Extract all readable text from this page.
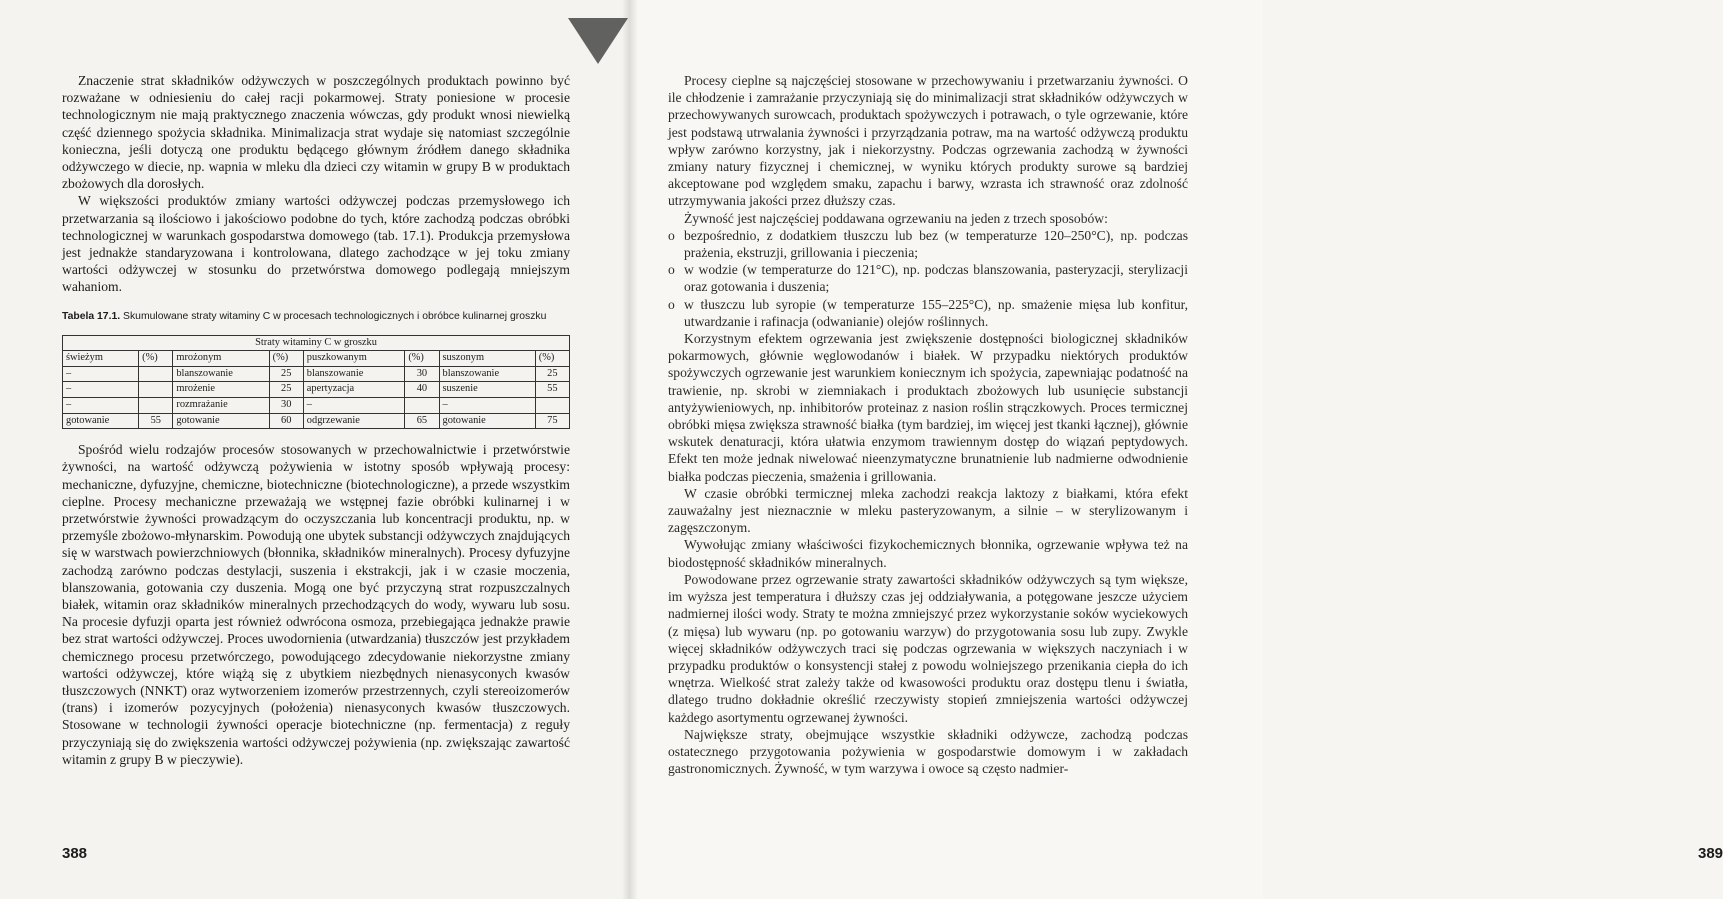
Znaczenie strat składników odżywczych w poszczególnych produktach powinno być rozważane w odniesieniu do całej racji pokarmowej. Straty poniesione w procesie technologicznym nie mają praktycznego znaczenia wówczas, gdy produkt wnosi niewielką część dziennego spożycia składnika. Minimalizacja strat wydaje się natomiast szczególnie konieczna, jeśli dotyczą one produktu będącego głównym źródłem danego składnika odżywczego w diecie, np. wapnia w mleku dla dzieci czy witamin w grupy B w produktach zbożowych dla dorosłych.

W większości produktów zmiany wartości odżywczej podczas przemysłowego ich przetwarzania są ilościowo i jakościowo podobne do tych, które zachodzą podczas obróbki technologicznej w warunkach gospodarstwa domowego (tab. 17.1). Produkcja przemysłowa jest jednakże standaryzowana i kontrolowana, dlatego zachodzące w jej toku zmiany wartości odżywczej w stosunku do przetwórstwa domowego podlegają mniejszym wahaniom.

Tabela 17.1. Skumulowane straty witaminy C w procesach technologicznych i obróbce kulinarnej groszku

Straty witaminy C w groszku							
świeżym	(%)	mrożonym	(%)	puszkowanym	(%)	suszonym	(%)
–		blanszowanie	25	blanszowanie	30	blanszowanie	25
–		mrożenie	25	apertyzacja	40	suszenie	55
–		rozmrażanie	30	–		–	
gotowanie	55	gotowanie	60	odgrzewanie	65	gotowanie	75

Spośród wielu rodzajów procesów stosowanych w przechowalnictwie i przetwórstwie żywności, na wartość odżywczą pożywienia w istotny sposób wpływają procesy: mechaniczne, dyfuzyjne, chemiczne, biotechniczne (biotechnologiczne), a przede wszystkim cieplne. Procesy mechaniczne przeważają we wstępnej fazie obróbki kulinarnej i w przetwórstwie żywności prowadzącym do oczyszczania lub koncentracji produktu, np. w przemyśle zbożowo-młynarskim. Powodują one ubytek substancji odżywczych znajdujących się w warstwach powierzchniowych (błonnika, składników mineralnych). Procesy dyfuzyjne zachodzą zarówno podczas destylacji, suszenia i ekstrakcji, jak i w czasie moczenia, blanszowania, gotowania czy duszenia. Mogą one być przyczyną strat rozpuszczalnych białek, witamin oraz składników mineralnych przechodzących do wody, wywaru lub sosu. Na procesie dyfuzji oparta jest również odwrócona osmoza, przebiegająca jednakże prawie bez strat wartości odżywczej. Proces uwodornienia (utwardzania) tłuszczów jest przykładem chemicznego procesu przetwórczego, powodującego zdecydowanie niekorzystne zmiany wartości odżywczej, które wiążą się z ubytkiem niezbędnych nienasyconych kwasów tłuszczowych (NNKT) oraz wytworzeniem izomerów przestrzennych, czyli stereoizomerów (trans) i izomerów pozycyjnych (położenia) nienasyconych kwasów tłuszczowych. Stosowane w technologii żywności operacje biotechniczne (np. fermentacja) z reguły przyczyniają się do zwiększenia wartości odżywczej pożywienia (np. zwiększając zawartość witamin z grupy B w pieczywie).

388

Procesy cieplne są najczęściej stosowane w przechowywaniu i przetwarzaniu żywności. O ile chłodzenie i zamrażanie przyczyniają się do minimalizacji strat składników odżywczych w przechowywanych surowcach, produktach spożywczych i potrawach, o tyle ogrzewanie, które jest podstawą utrwalania żywności i przyrządzania potraw, ma na wartość odżywczą produktu wpływ zarówno korzystny, jak i niekorzystny. Podczas ogrzewania zachodzą w żywności zmiany natury fizycznej i chemicznej, w wyniku których produkty surowe są bardziej akceptowane pod względem smaku, zapachu i barwy, wzrasta ich strawność oraz zdolność utrzymywania jakości przez dłuższy czas.

Żywność jest najczęściej poddawana ogrzewaniu na jeden z trzech sposobów:

o bezpośrednio, z dodatkiem tłuszczu lub bez (w temperaturze 120–250°C), np. podczas prażenia, ekstruzji, grillowania i pieczenia;
o w wodzie (w temperaturze do 121°C), np. podczas blanszowania, pasteryzacji, sterylizacji oraz gotowania i duszenia;
o w tłuszczu lub syropie (w temperaturze 155–225°C), np. smażenie mięsa lub konfitur, utwardzanie i rafinacja (odwanianie) olejów roślinnych.

Korzystnym efektem ogrzewania jest zwiększenie dostępności biologicznej składników pokarmowych, głównie węglowodanów i białek. W przypadku niektórych produktów spożywczych ogrzewanie jest warunkiem koniecznym ich spożycia, zapewniając podatność na trawienie, np. skrobi w ziemniakach i produktach zbożowych lub usunięcie substancji antyżywieniowych, np. inhibitorów proteinaz z nasion roślin strączkowych. Proces termicznej obróbki mięsa zwiększa strawność białka (tym bardziej, im więcej jest tkanki łącznej), głównie wskutek denaturacji, która ułatwia enzymom trawiennym dostęp do wiązań peptydowych. Efekt ten może jednak niwelować nieenzymatyczne brunatnienie lub nadmierne odwodnienie białka podczas pieczenia, smażenia i grillowania.

W czasie obróbki termicznej mleka zachodzi reakcja laktozy z białkami, która efekt zauważalny jest nieznacznie w mleku pasteryzowanym, a silnie – w sterylizowanym i zagęszczonym.

Wywołując zmiany właściwości fizykochemicznych błonnika, ogrzewanie wpływa też na biodostępność składników mineralnych.

Powodowane przez ogrzewanie straty zawartości składników odżywczych są tym większe, im wyższa jest temperatura i dłuższy czas jej oddziaływania, a potęgowane jeszcze użyciem nadmiernej ilości wody. Straty te można zmniejszyć przez wykorzystanie soków wyciekowych (z mięsa) lub wywaru (np. po gotowaniu warzyw) do przygotowania sosu lub zupy. Zwykle więcej składników odżywczych traci się podczas ogrzewania w większych naczyniach i w przypadku produktów o konsystencji stałej z powodu wolniejszego przenikania ciepła do ich wnętrza. Wielkość strat zależy także od kwasowości produktu oraz dostępu tlenu i światła, dlatego trudno dokładnie określić rzeczywisty stopień zmniejszenia wartości odżywczej każdego asortymentu ogrzewanej żywności.

Największe straty, obejmujące wszystkie składniki odżywcze, zachodzą podczas ostatecznego przygotowania pożywienia w gospodarstwie domowym i w zakładach gastronomicznych. Żywność, w tym warzywa i owoce są często nadmier-

389
